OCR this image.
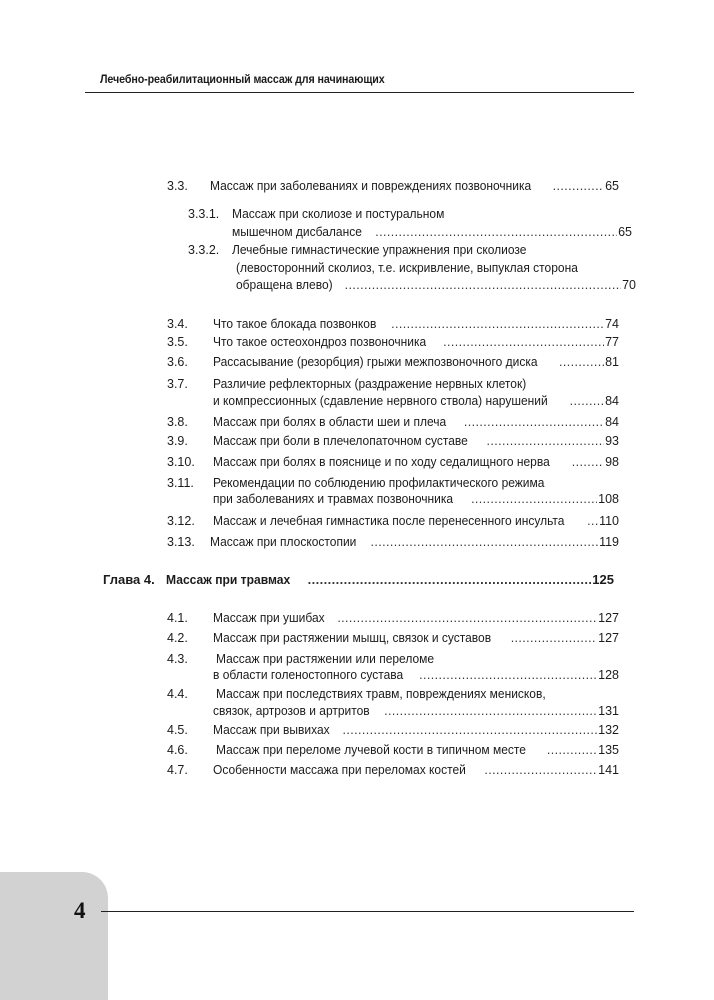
Лечебно-реабилитационный массаж для начинающих
3.3. Массаж при заболеваниях и повреждениях позвоночника .....	65
3.3.1. Массаж при сколиозе и постуральном
мышечном дисбалансе .....	65
3.3.2. Лечебные гимнастические упражнения при сколиозе
(левосторонний сколиоз, т.е. искривление, выпуклая сторона
обращена влево) .....	70
3.4. Что такое блокада позвонков .....	74
3.5. Что такое остеохондроз позвоночника .....	77
3.6. Рассасывание (резорбция) грыжи межпозвоночного диска .....	81
3.7. Различие рефлекторных (раздражение нервных клеток)
и компрессионных (сдавление нервного ствола) нарушений .....	84
3.8. Массаж при болях в области шеи и плеча .....	84
3.9. Массаж при боли в плечелопаточном суставе .....	93
3.10. Массаж при болях в пояснице и по ходу седалищного нерва .....	98
3.11. Рекомендации по соблюдению профилактического режима
при заболеваниях и травмах позвоночника .....	108
3.12. Массаж и лечебная гимнастика после перенесенного инсульта .....	110
3.13. Массаж при плоскостопии .....	119
Глава 4. Массаж при травмах .....	125
4.1. Массаж при ушибах .....	127
4.2. Массаж при растяжении мышц, связок и суставов .....	127
4.3. Массаж при растяжении или переломе
в области голеностопного сустава .....	128
4.4. Массаж при последствиях травм, повреждениях менисков,
связок, артрозов и артритов .....	131
4.5. Массаж при вывихах .....	132
4.6. Массаж при переломе лучевой кости в типичном месте .....	135
4.7. Особенности массажа при переломах костей .....	141
4
